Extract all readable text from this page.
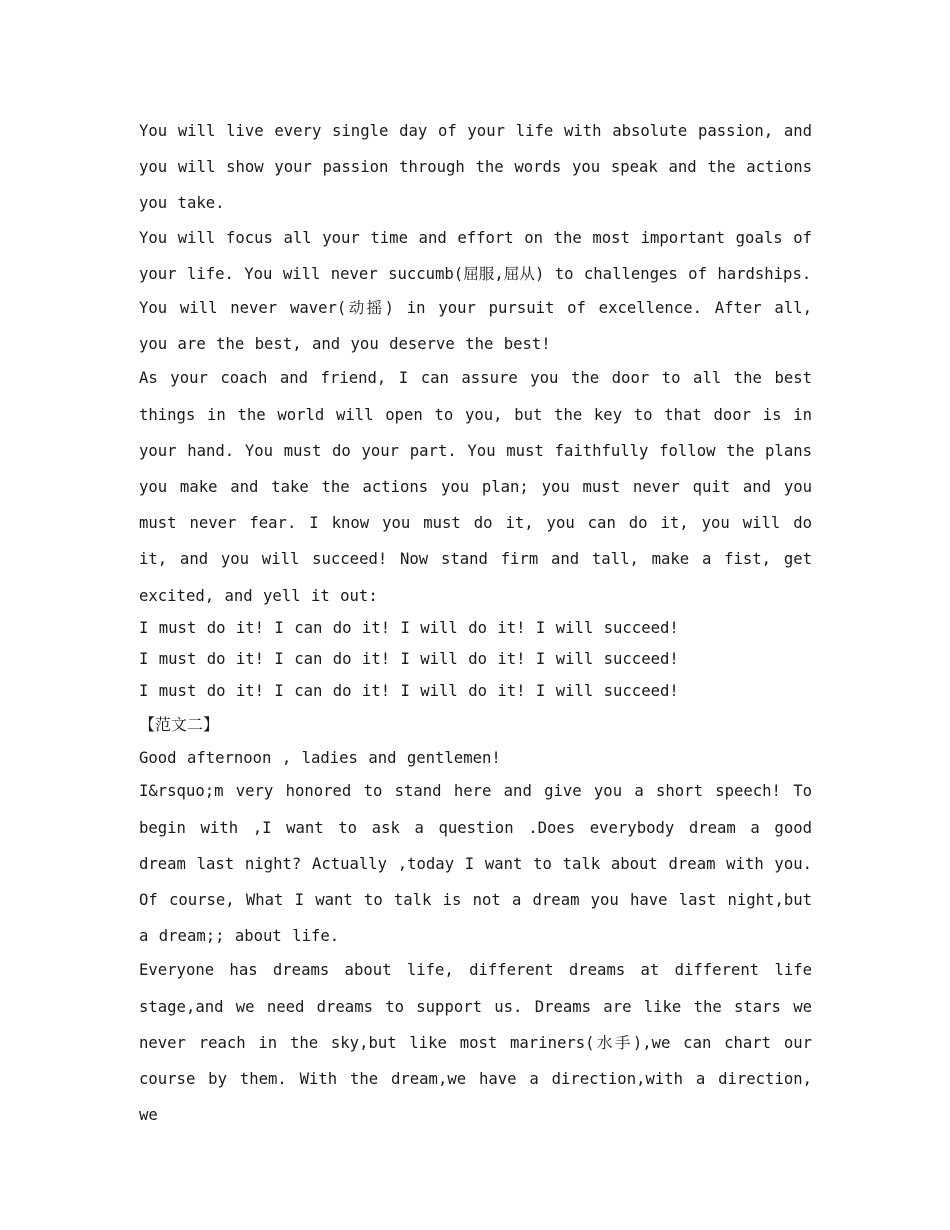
You will live every single day of your life with absolute passion, and you will show your passion through the words you speak and the actions you take.

You will focus all your time and effort on the most important goals of your life. You will never succumb(屈服,屈从) to challenges of hardships.

You will never waver(动摇) in your pursuit of excellence. After all, you are the best, and you deserve the best!

As your coach and friend, I can assure you the door to all the best things in the world will open to you, but the key to that door is in your hand. You must do your part. You must faithfully follow the plans you make and take the actions you plan; you must never quit and you must never fear. I know you must do it, you can do it, you will do it, and you will succeed! Now stand firm and tall, make a fist, get excited, and yell it out:

I must do it! I can do it! I will do it! I will succeed!

I must do it! I can do it! I will do it! I will succeed!

I must do it! I can do it! I will do it! I will succeed!

【范文二】

Good afternoon , ladies and gentlemen!

I&rsquo;m very honored to stand here and give you a short speech! To begin with ,I want to ask a question .Does everybody dream a good dream last night? Actually ,today I want to talk about dream with you. Of course, What I want to talk is not a dream you have last night,but a dream;; about life.

Everyone has dreams about life, different dreams at different life stage,and we need dreams to support us. Dreams are like the stars we never reach in the sky,but like most mariners(水手),we can chart our course by them. With the dream,we have a direction,with a direction, we
